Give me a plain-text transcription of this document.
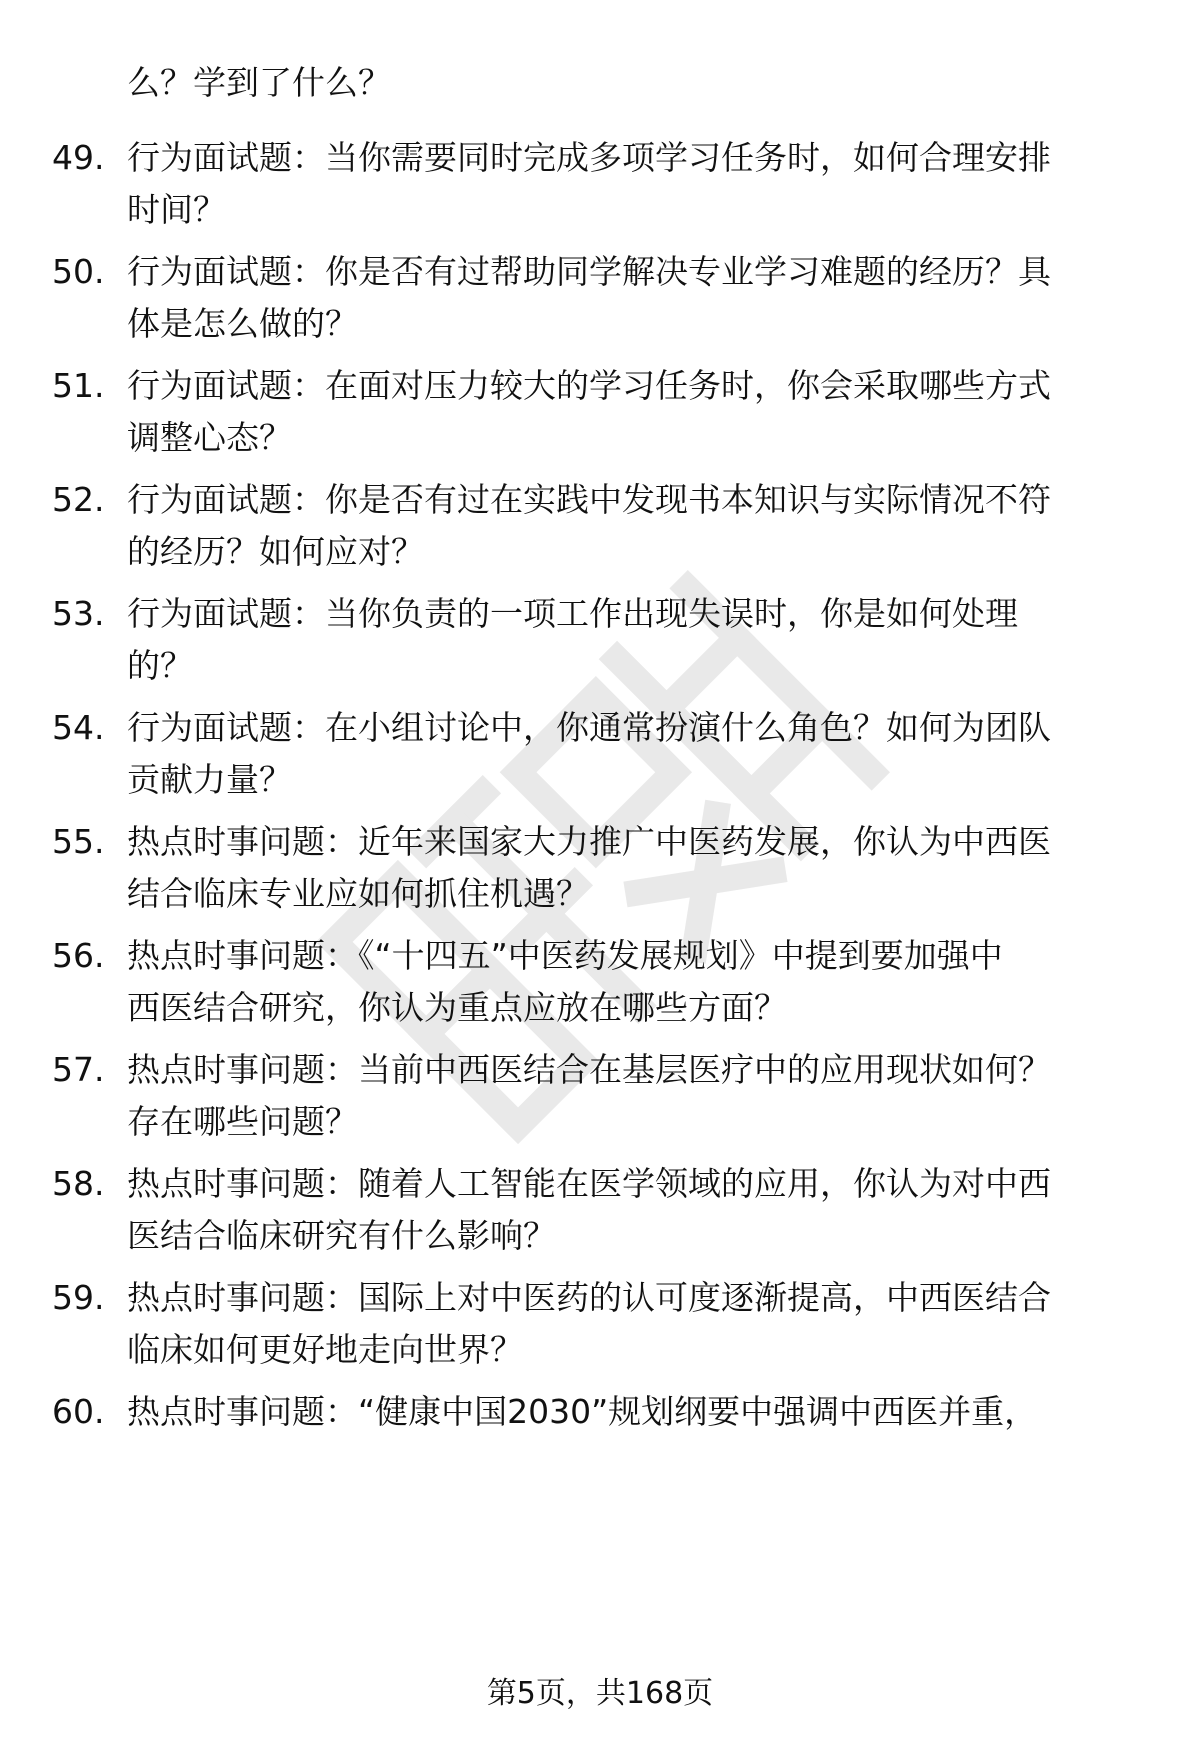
么？学到了什么？
49. 行为面试题：当你需要同时完成多项学习任务时，如何合理安排
时间？
50. 行为面试题：你是否有过帮助同学解决专业学习难题的经历？具
体是怎么做的？
51. 行为面试题：在面对压力较大的学习任务时，你会采取哪些方式
调整心态？
52. 行为面试题：你是否有过在实践中发现书本知识与实际情况不符
的经历？如何应对？
53. 行为面试题：当你负责的一项工作出现失误时，你是如何处理
的？
54. 行为面试题：在小组讨论中，你通常扮演什么角色？如何为团队
贡献力量？
55. 热点时事问题：近年来国家大力推广中医药发展，你认为中西医
结合临床专业应如何抓住机遇？
56. 热点时事问题：《“十四五”中医药发展规划》中提到要加强中
西医结合研究，你认为重点应放在哪些方面？
57. 热点时事问题：当前中西医结合在基层医疗中的应用现状如何？
存在哪些问题？
58. 热点时事问题：随着人工智能在医学领域的应用，你认为对中西
医结合临床研究有什么影响？
59. 热点时事问题：国际上对中医药的认可度逐渐提高，中西医结合
临床如何更好地走向世界？
60. 热点时事问题：“健康中国2030”规划纲要中强调中西医并重，
第5页，共168页
